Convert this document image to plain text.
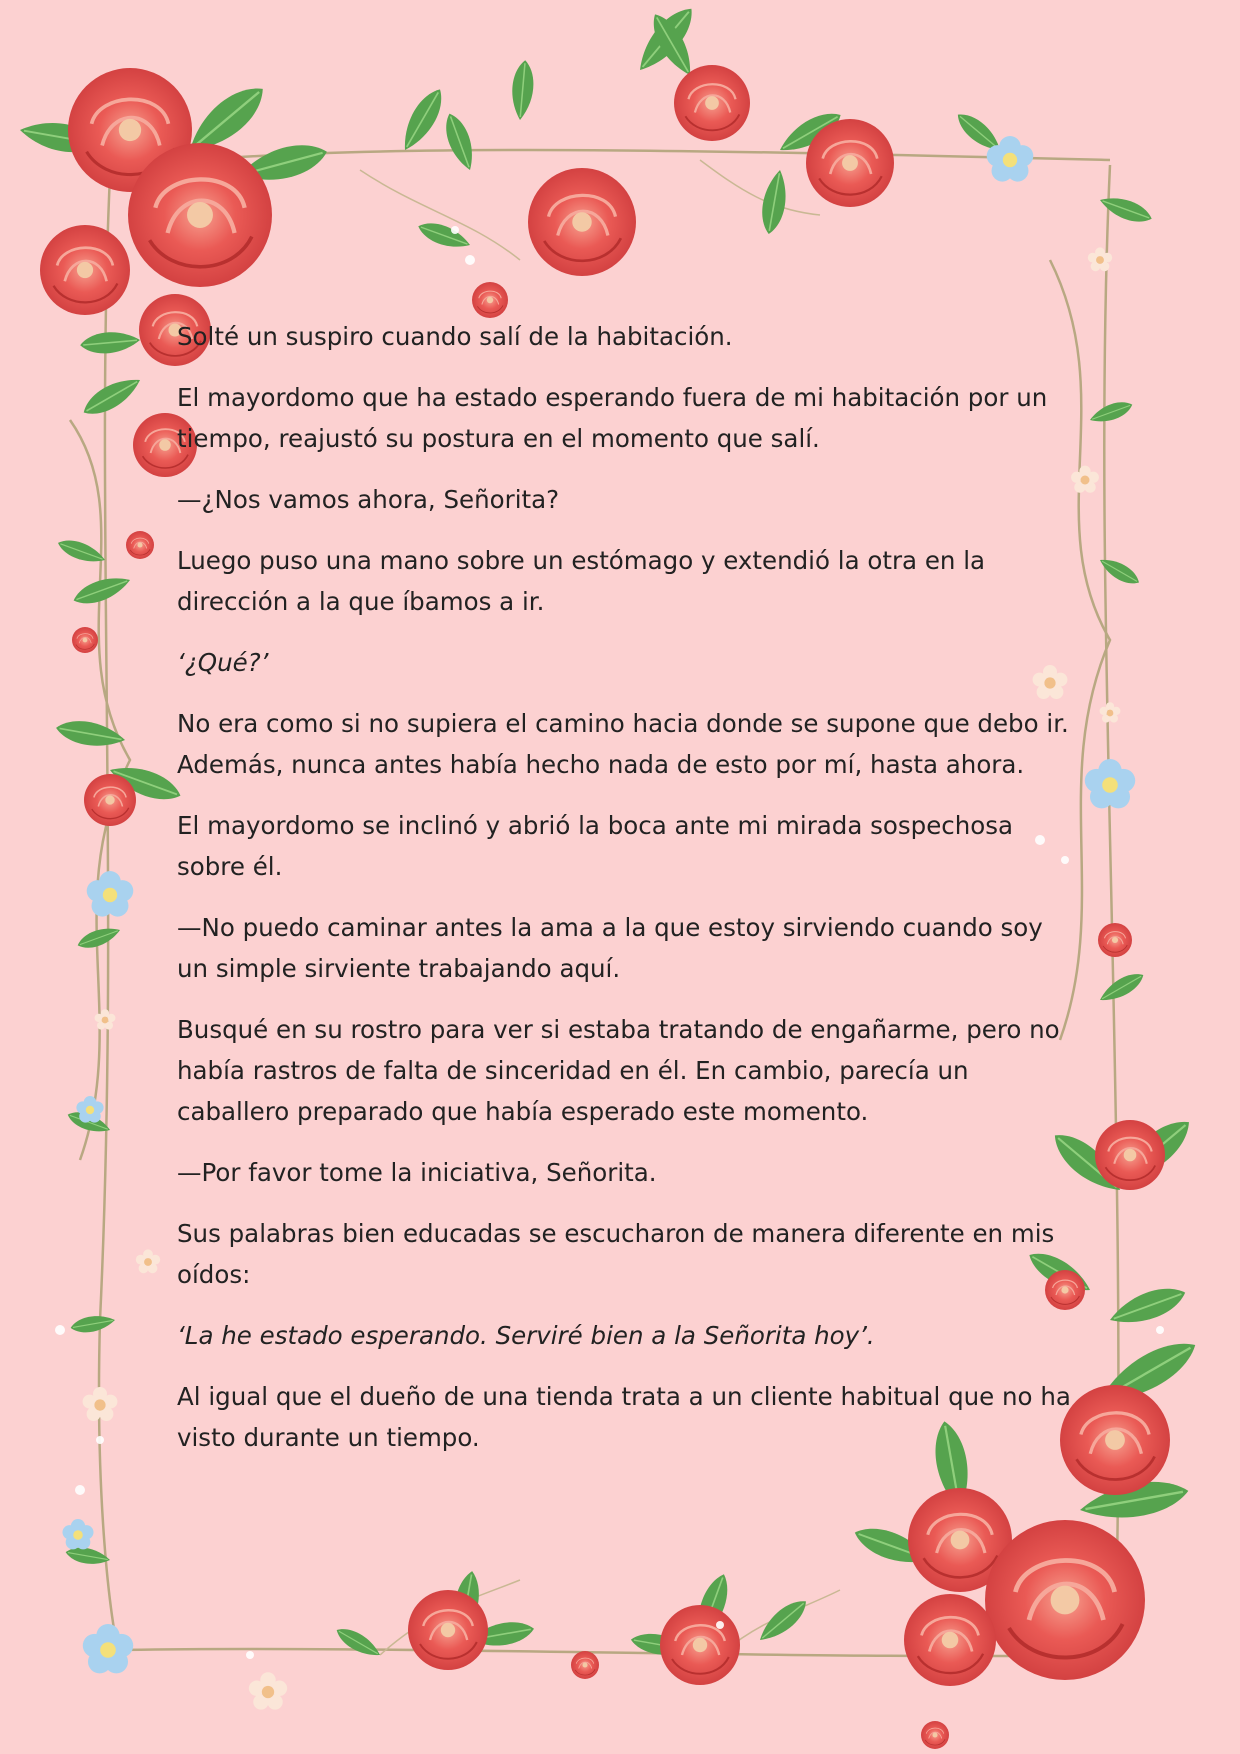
Solté un suspiro cuando salí de la habitación.

El mayordomo que ha estado esperando fuera de mi habitación por un tiempo, reajustó su postura en el momento que salí.

—¿Nos vamos ahora, Señorita?

Luego puso una mano sobre un estómago y extendió la otra en la dirección a la que íbamos a ir.

‘¿Qué?’

No era como si no supiera el camino hacia donde se supone que debo ir. Además, nunca antes había hecho nada de esto por mí, hasta ahora.

El mayordomo se inclinó y abrió la boca ante mi mirada sospechosa sobre él.

—No puedo caminar antes la ama a la que estoy sirviendo cuando soy un simple sirviente trabajando aquí.

Busqué en su rostro para ver si estaba tratando de engañarme, pero no había rastros de falta de sinceridad en él. En cambio, parecía un caballero preparado que había esperado este momento.

—Por favor tome la iniciativa, Señorita.

Sus palabras bien educadas se escucharon de manera diferente en mis oídos:

‘La he estado esperando. Serviré bien a la Señorita hoy’.

Al igual que el dueño de una tienda trata a un cliente habitual que no ha visto durante un tiempo.
